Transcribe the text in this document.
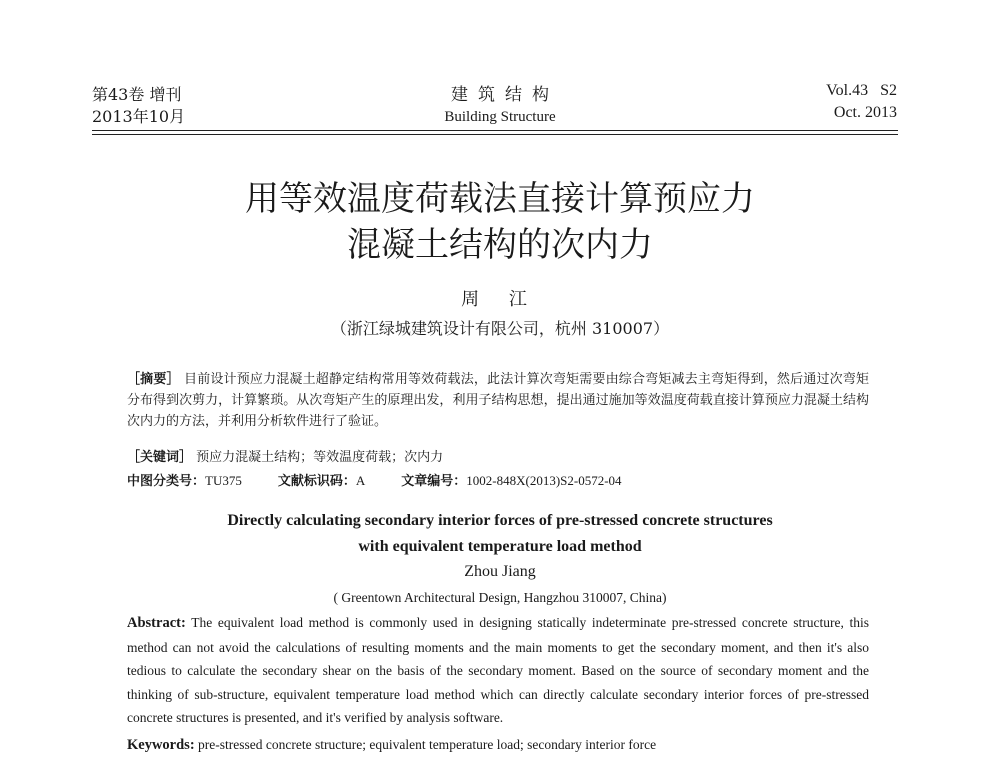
第43卷 增刊
2013年10月
建筑结构
Building Structure
Vol.43   S2
Oct. 2013
用等效温度荷载法直接计算预应力
混凝土结构的次内力
周 江
（浙江绿城建筑设计有限公司，杭州 310007）
［摘要］ 目前设计预应力混凝土超静定结构常用等效荷载法，此法计算次弯矩需要由综合弯矩减去主弯矩得到，然后通过次弯矩分布得到次剪力，计算繁琐。从次弯矩产生的原理出发，利用子结构思想，提出通过施加等效温度荷载直接计算预应力混凝土结构次内力的方法，并利用分析软件进行了验证。
［关键词］ 预应力混凝土结构；等效温度荷载；次内力
中图分类号：TU375	文献标识码：A	文章编号：1002-848X(2013)S2-0572-04
Directly calculating secondary interior forces of pre-stressed concrete structures
with equivalent temperature load method
Zhou Jiang
( Greentown Architectural Design, Hangzhou 310007, China)
Abstract: The equivalent load method is commonly used in designing statically indeterminate pre-stressed concrete structure, this method can not avoid the calculations of resulting moments and the main moments to get the secondary moment, and then it's also tedious to calculate the secondary shear on the basis of the secondary moment. Based on the source of secondary moment and the thinking of sub-structure, equivalent temperature load method which can directly calculate secondary interior forces of pre-stressed concrete structures is presented, and it's verified by analysis software.
Keywords: pre-stressed concrete structure; equivalent temperature load; secondary interior force
